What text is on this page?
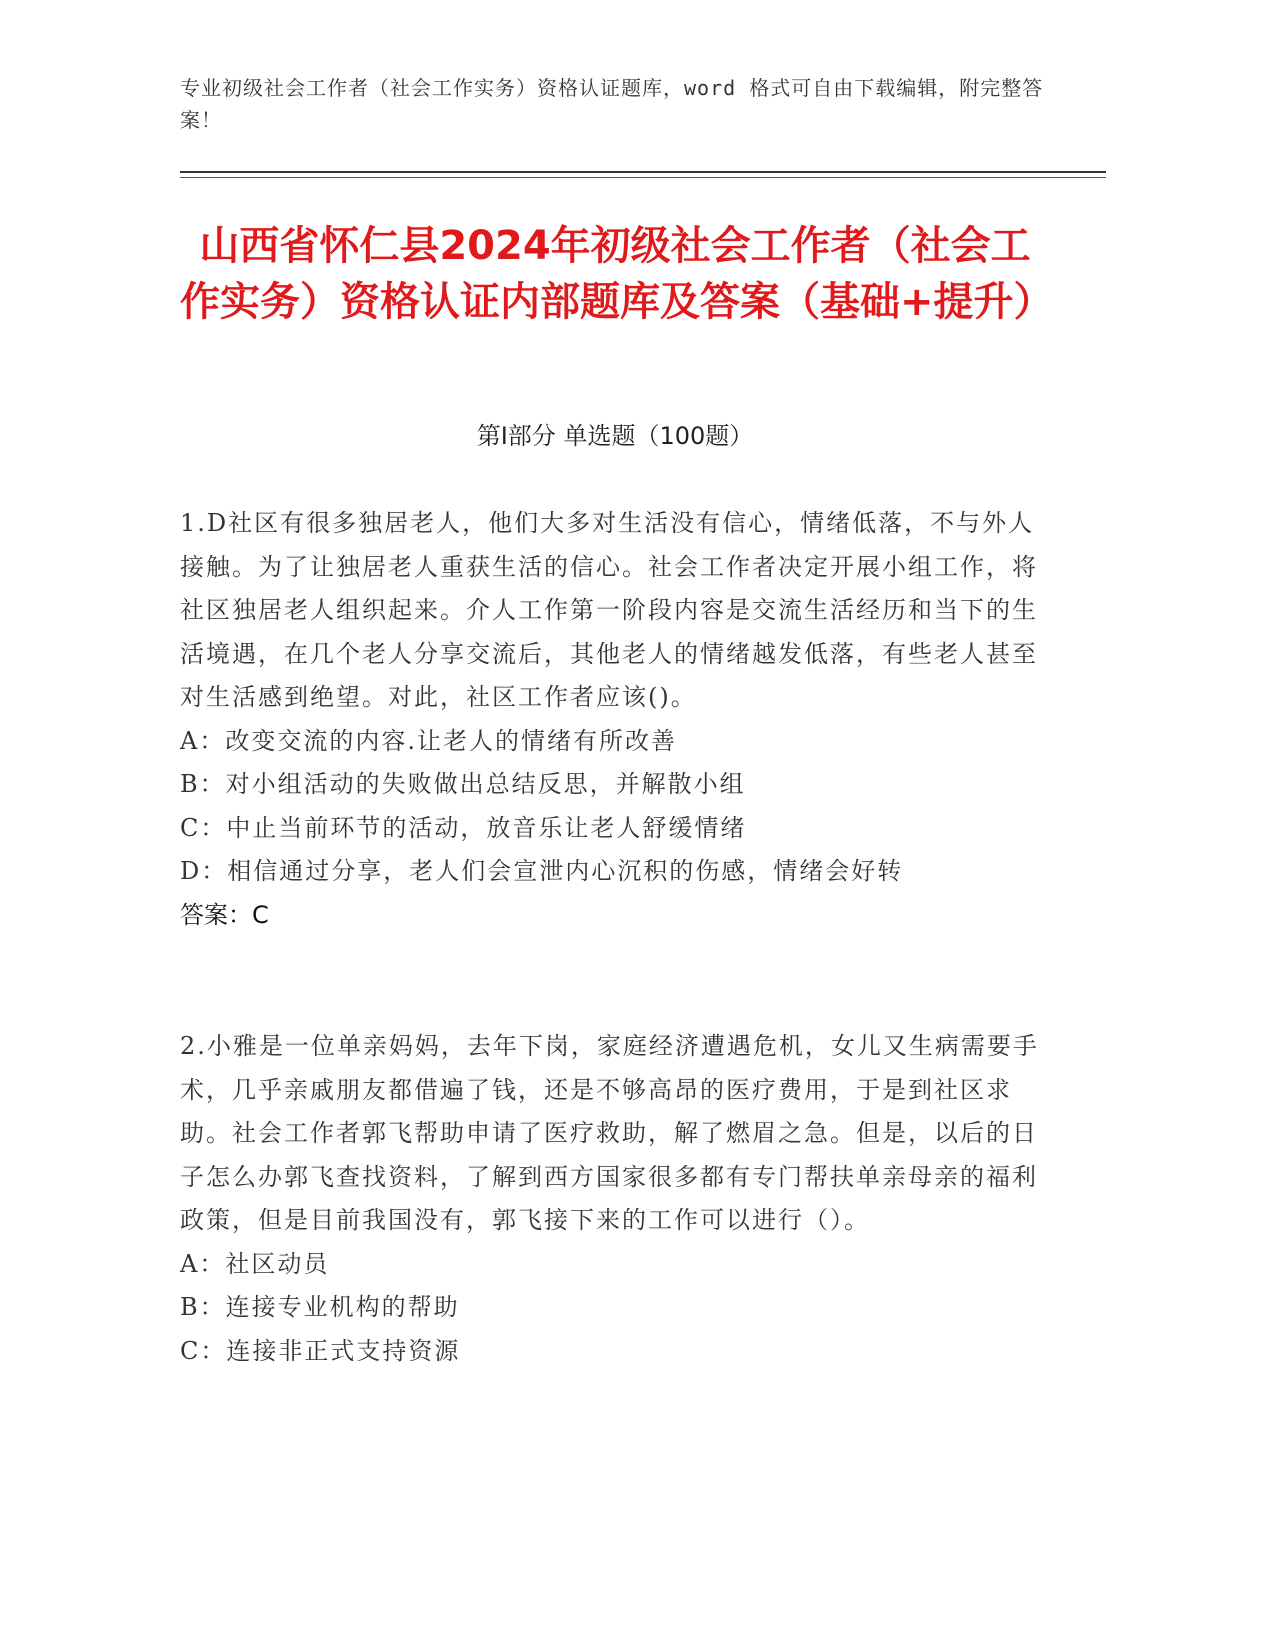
专业初级社会工作者（社会工作实务）资格认证题库，word 格式可自由下载编辑，附完整答案！
山西省怀仁县2024年初级社会工作者（社会工作实务）资格认证内部题库及答案（基础+提升）
第I部分 单选题（100题）

1.D社区有很多独居老人，他们大多对生活没有信心，情绪低落，不与外人接触。为了让独居老人重获生活的信心。社会工作者决定开展小组工作，将社区独居老人组织起来。介人工作第一阶段内容是交流生活经历和当下的生活境遇，在几个老人分享交流后，其他老人的情绪越发低落，有些老人甚至对生活感到绝望。对此，社区工作者应该()。

A：改变交流的内容.让老人的情绪有所改善

B：对小组活动的失败做出总结反思，并解散小组

C：中止当前环节的活动，放音乐让老人舒缓情绪

D：相信通过分享，老人们会宣泄内心沉积的伤感，情绪会好转

答案：C

2.小雅是一位单亲妈妈，去年下岗，家庭经济遭遇危机，女儿又生病需要手术，几乎亲戚朋友都借遍了钱，还是不够高昂的医疗费用，于是到社区求助。社会工作者郭飞帮助申请了医疗救助，解了燃眉之急。但是，以后的日子怎么办郭飞查找资料，了解到西方国家很多都有专门帮扶单亲母亲的福利政策，但是目前我国没有，郭飞接下来的工作可以进行（）。

A：社区动员

B：连接专业机构的帮助

C：连接非正式支持资源
